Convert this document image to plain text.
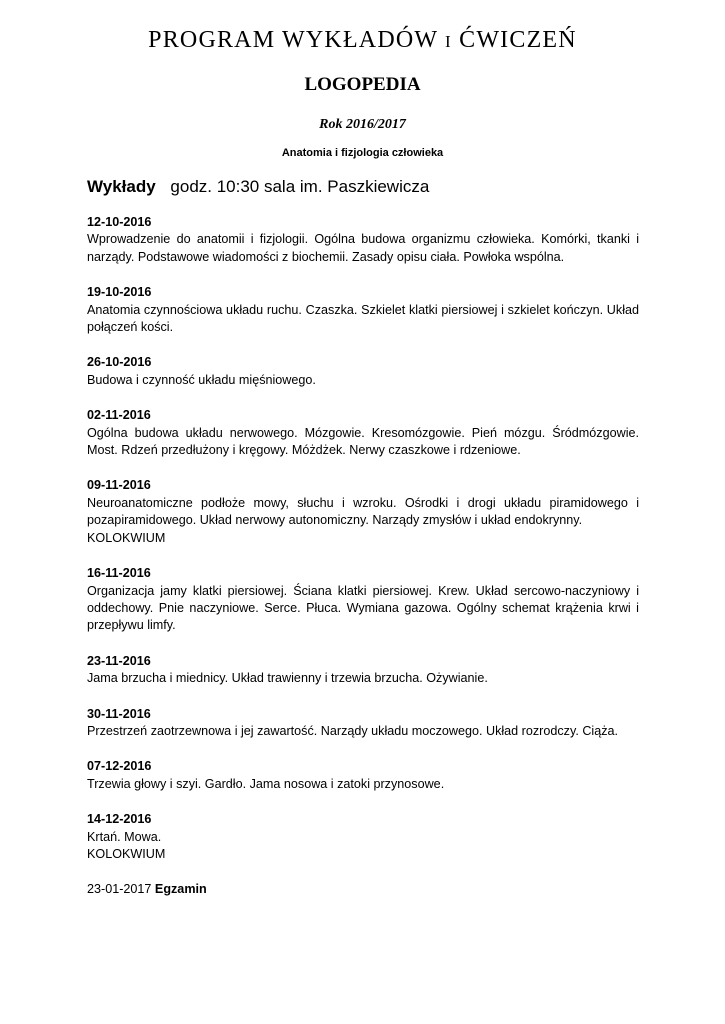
PROGRAM WYKŁADÓW I ĆWICZEŃ
LOGOPEDIA
Rok 2016/2017
Anatomia i fizjologia człowieka
Wykłady godz. 10:30 sala im. Paszkiewicza
12-10-2016
Wprowadzenie do anatomii i fizjologii. Ogólna budowa organizmu człowieka. Komórki, tkanki i narządy. Podstawowe wiadomości z biochemii. Zasady opisu ciała. Powłoka wspólna.
19-10-2016
Anatomia czynnościowa układu ruchu. Czaszka. Szkielet klatki piersiowej i szkielet kończyn. Układ połączeń kości.
26-10-2016
Budowa i czynność układu mięśniowego.
02-11-2016
Ogólna budowa układu nerwowego. Mózgowie. Kresomózgowie. Pień mózgu. Śródmózgowie. Most. Rdzeń przedłużony i kręgowy. Móżdżek. Nerwy czaszkowe i rdzeniowe.
09-11-2016
Neuroanatomiczne podłoże mowy, słuchu i wzroku. Ośrodki i drogi układu piramidowego i pozapiramidowego. Układ nerwowy autonomiczny. Narządy zmysłów i układ endokrynny.
KOLOKWIUM
16-11-2016
Organizacja jamy klatki piersiowej. Ściana klatki piersiowej. Krew. Układ sercowo-naczyniowy i oddechowy. Pnie naczyniowe. Serce. Płuca. Wymiana gazowa. Ogólny schemat krążenia krwi i przepływu limfy.
23-11-2016
Jama brzucha i miednicy. Układ trawienny i trzewia brzucha. Ożywianie.
30-11-2016
Przestrzeń zaotrzewnowa i jej zawartość. Narządy układu moczowego. Układ rozrodczy. Ciąża.
07-12-2016
Trzewia głowy i szyi. Gardło. Jama nosowa i zatoki przynosowe.
14-12-2016
Krtań. Mowa.
KOLOKWIUM
23-01-2017 Egzamin
